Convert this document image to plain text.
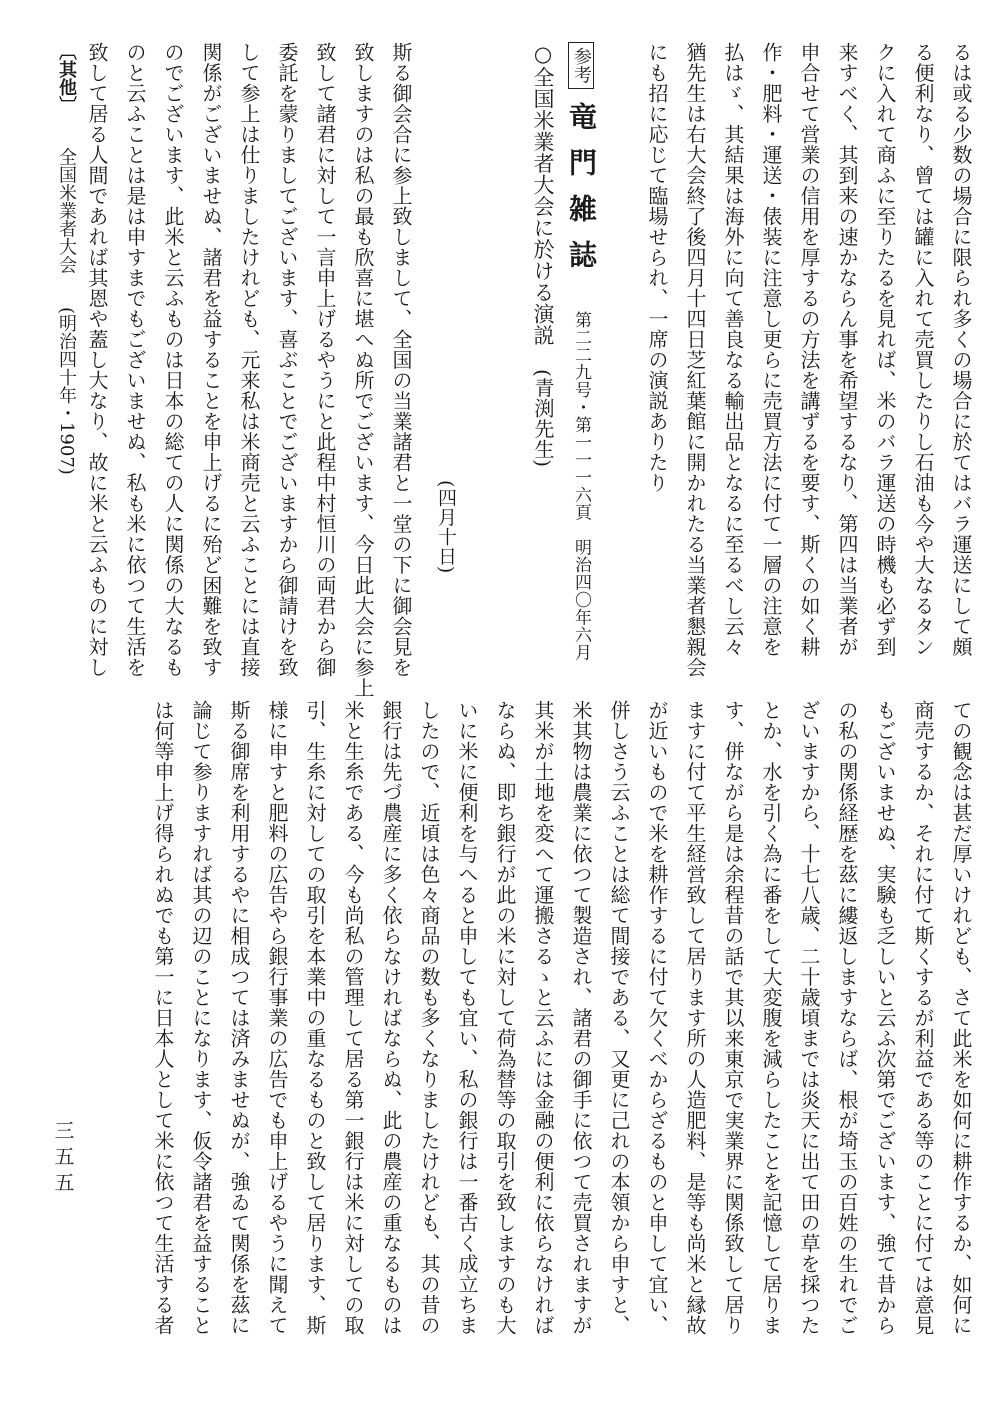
るは或る少数の場合に限られ多くの場合に於てはバラ運送にして頗
る便利なり、曾ては罐に入れて売買したりし石油も今や大なるタン
クに入れて商ふに至りたるを見れば、米のバラ運送の時機も必ず到
来すべく、其到来の速かならん事を希望するなり、第四は当業者が
申合せて営業の信用を厚するの方法を講ずるを要す、斯くの如く耕
作・肥料・運送・俵装に注意し更らに売買方法に付て一層の注意を
払はゞ、其結果は海外に向て善良なる輸出品となるに至るべし云々
猶先生は右大会終了後四月十四日芝紅葉館に開かれたる当業者懇親会
にも招に応じて臨場せられ、一席の演説ありたり
参考 竜門雑誌 第二二九号・第一一一六頁　明治四〇年六月
○全国米業者大会に於ける演説 (青渕先生)
(四月十日)
斯る御会合に参上致しまして、全国の当業諸君と一堂の下に御会見を
致しますのは私の最も欣喜に堪へぬ所でございます、今日此大会に参上
致して諸君に対して一言申上げるやうにと此程中村恒川の両君から御
委託を蒙りましてございます、喜ぶことでございますから御請けを致
して参上は仕りましたけれども、元来私は米商売と云ふことには直接
関係がございませぬ、諸君を益することを申上げるに殆ど困難を致す
のでございます、此米と云ふものは日本の総ての人に関係の大なるも
のと云ふことは是は申すまでもございませぬ、私も米に依つて生活を
致して居る人間であれば其恩や蓋し大なり、故に米と云ふものに対し
ての観念は甚だ厚いけれども、さて此米を如何に耕作するか、如何に
商売するか、それに付て斯くするが利益である等のことに付ては意見
もございませぬ、実験も乏しいと云ふ次第でございます、強て昔から
の私の関係経歴を茲に縷返しますならば、根が埼玉の百姓の生れでご
ざいますから、十七八歳、二十歳頃までは炎天に出て田の草を採つた
とか、水を引く為に番をして大変腹を減らしたことを記憶して居りま
す、併ながら是は余程昔の話で其以来東京で実業界に関係致して居り
ますに付て平生経営致して居ります所の人造肥料、是等も尚米と縁故
が近いもので米を耕作するに付て欠くべからざるものと申して宜い、
併しさう云ふことは総て間接である、又更に己れの本領から申すと、
米其物は農業に依つて製造され、諸君の御手に依つて売買されますが
其米が土地を変へて運搬さるゝと云ふには金融の便利に依らなければ
ならぬ、即ち銀行が此の米に対して荷為替等の取引を致しますのも大
いに米に便利を与へると申しても宜い、私の銀行は一番古く成立ちま
したので、近頃は色々商品の数も多くなりましたけれども、其の昔の
銀行は先づ農産に多く依らなければならぬ、此の農産の重なるものは
米と生糸である、今も尚私の管理して居る第一銀行は米に対しての取
引、生糸に対しての取引を本業中の重なるものと致して居ります、斯
様に申すと肥料の広告やら銀行事業の広告でも申上げるやうに聞えて
斯る御席を利用するやに相成つては済みませぬが、強ゐて関係を茲に
論じて参りますれば其の辺のことになります、仮令諸君を益すること
は何等申上げ得られぬでも第一に日本人として米に依つて生活する者
〔其他〕  全国米業者大会  (明治四十年・1907)
三五五
